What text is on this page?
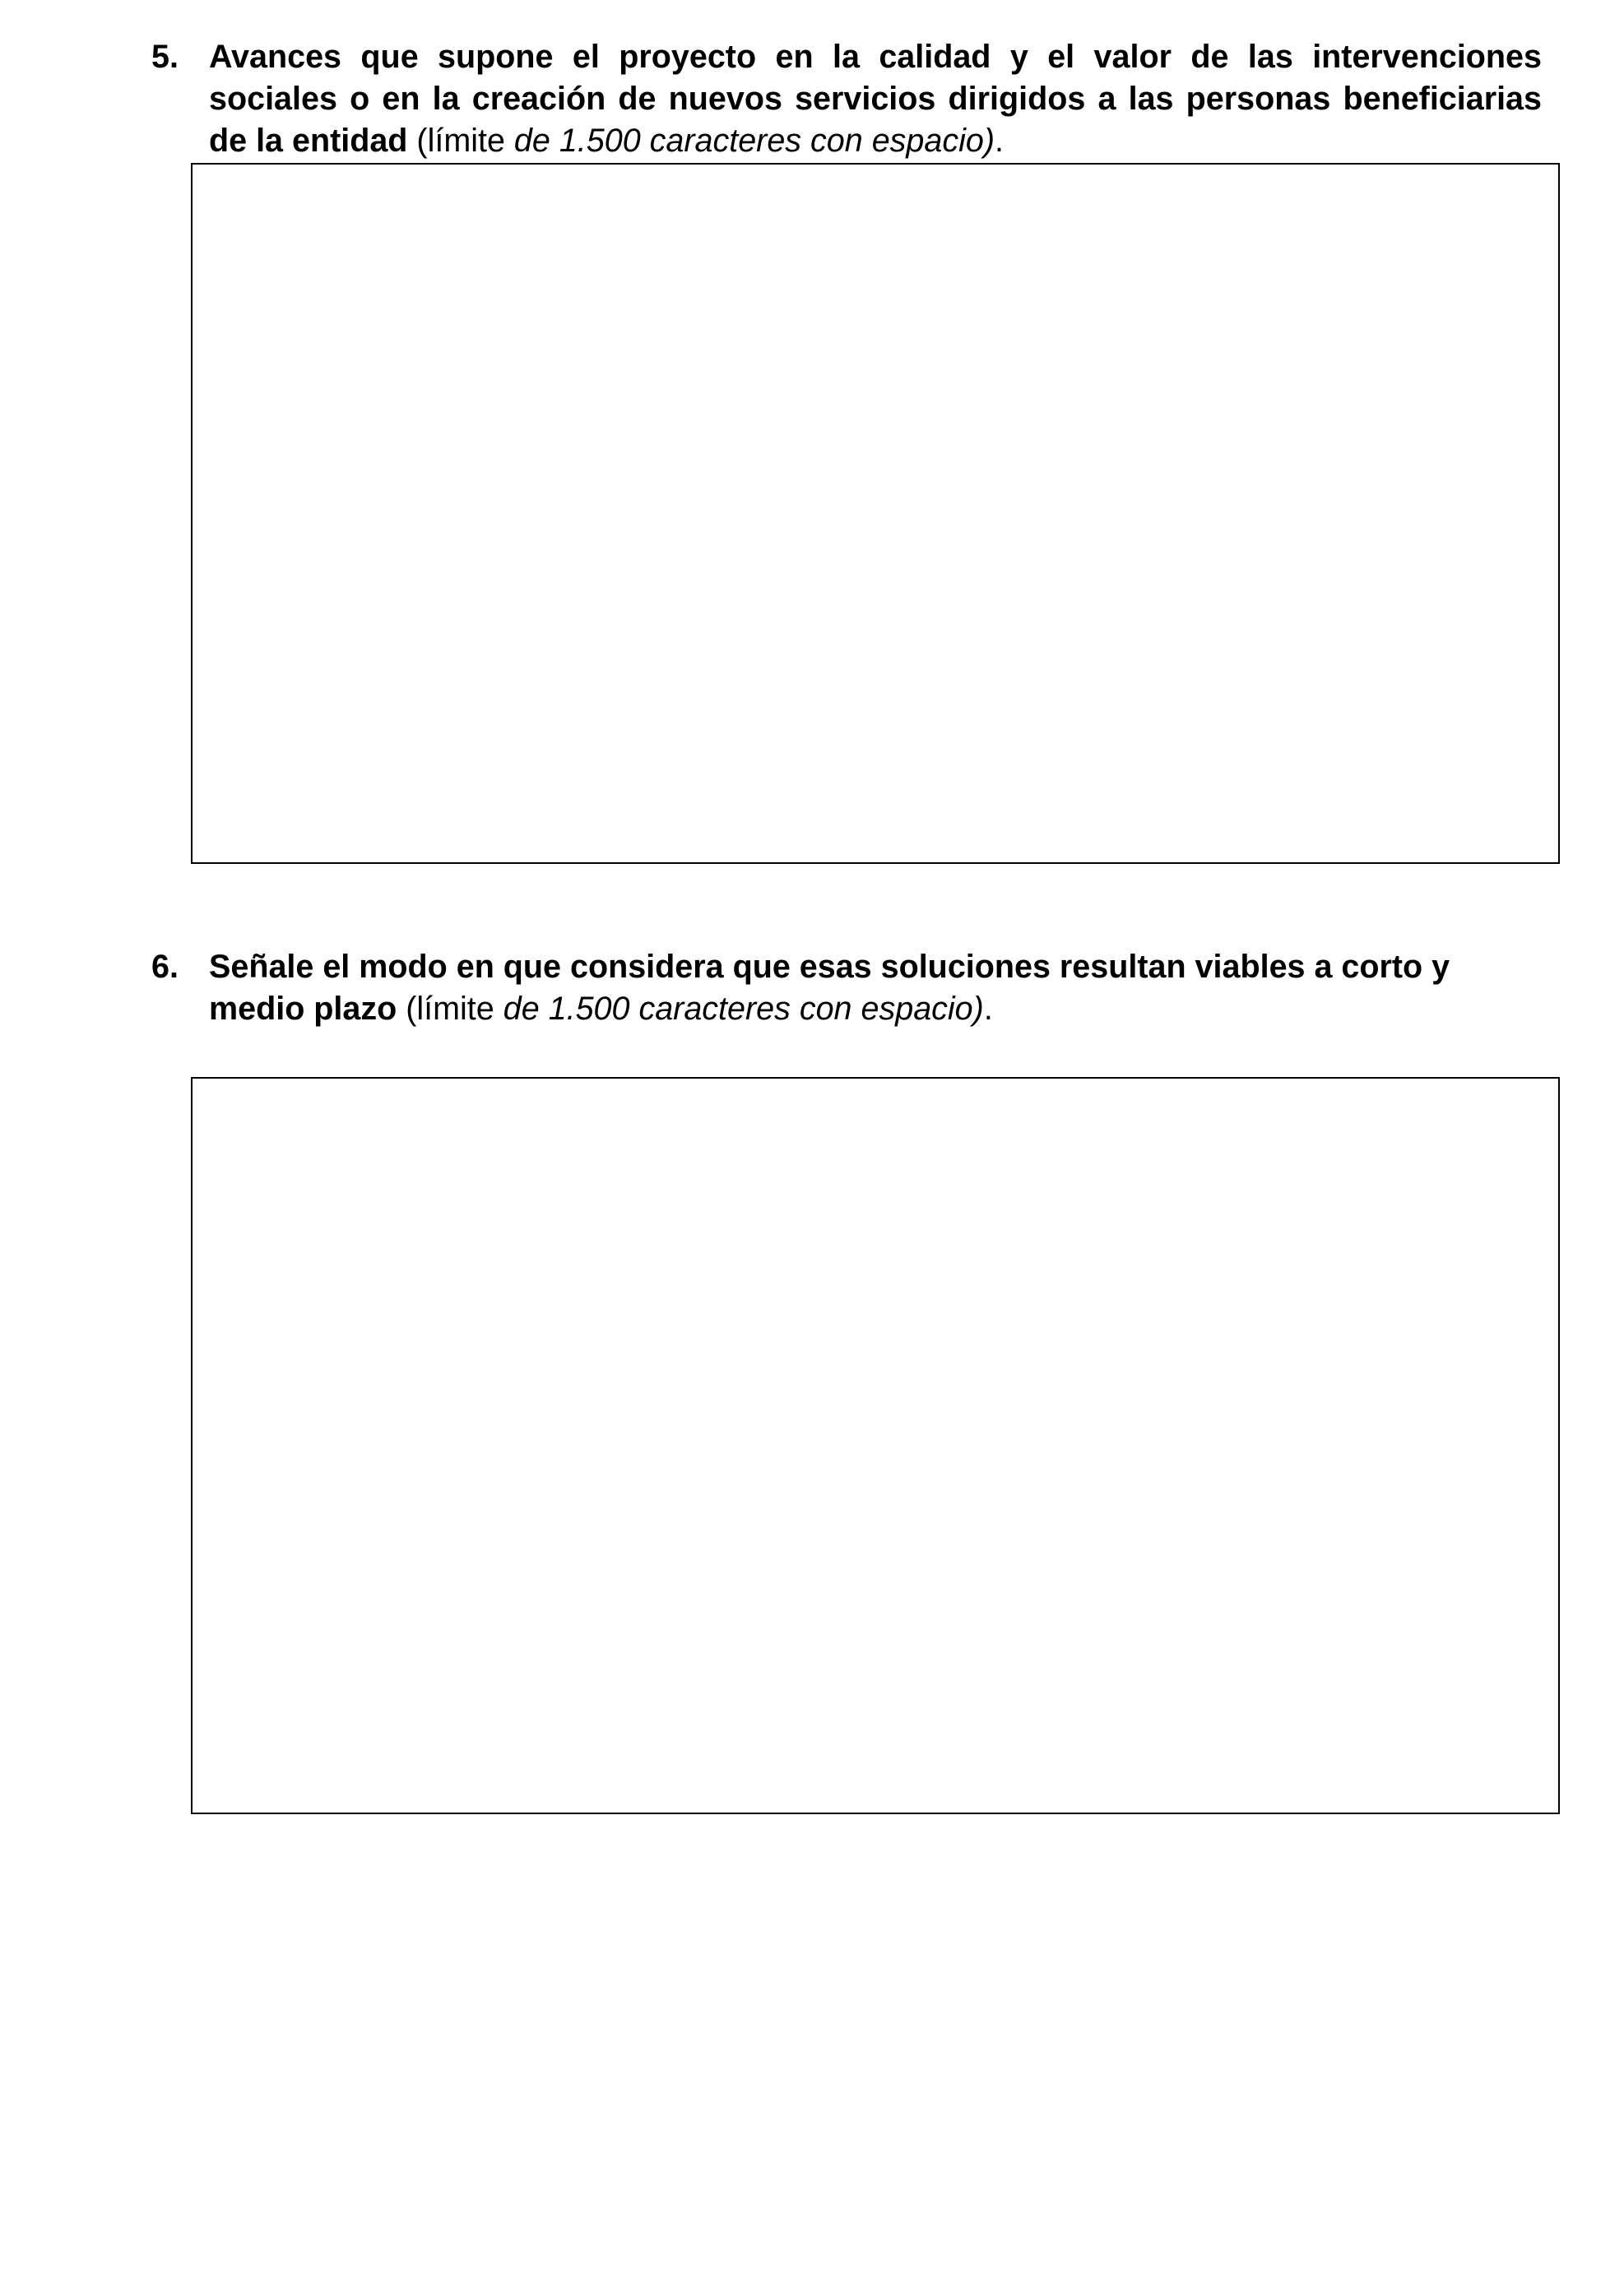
5. Avances que supone el proyecto en la calidad y el valor de las intervenciones sociales o en la creación de nuevos servicios dirigidos a las personas beneficiarias de la entidad (límite de 1.500 caracteres con espacio).
6. Señale el modo en que considera que esas soluciones resultan viables a corto y medio plazo (límite de 1.500 caracteres con espacio).
